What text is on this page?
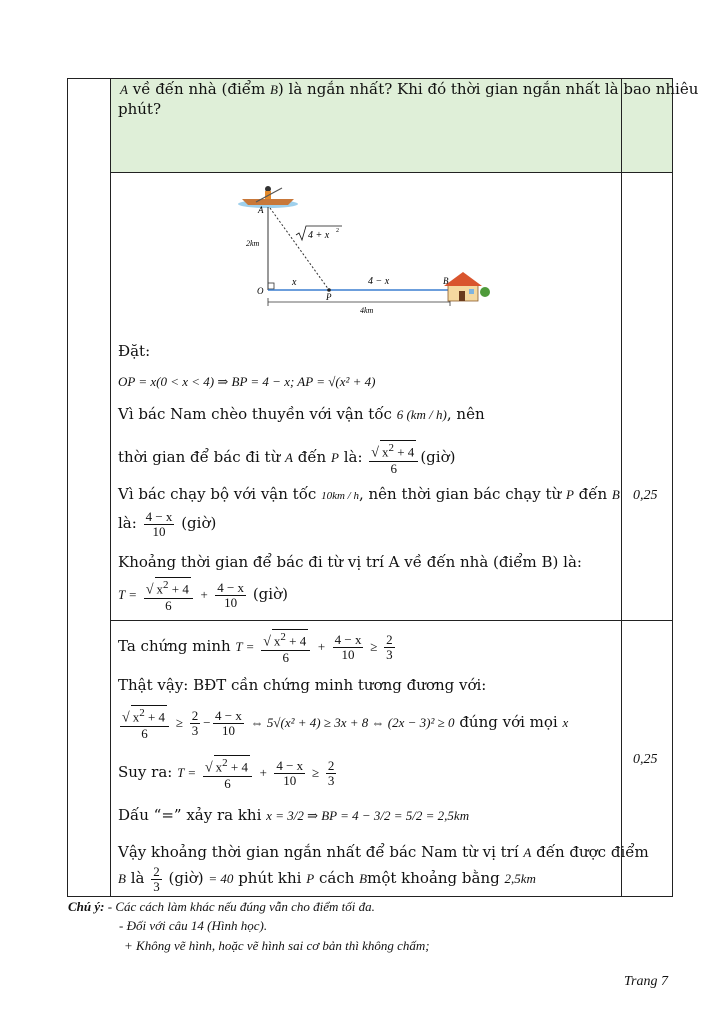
A về đến nhà (điểm B) là ngắn nhất? Khi đó thời gian ngắn nhất là bao nhiêu
phút?
A
2km
O
x
P
4 − x	B
4km
4 + x 2
Đặt:
OP = x(0 < x < 4) ⇒ BP = 4 − x; AP = √(x² + 4)
Vì bác Nam chèo thuyền với vận tốc 6 (km / h), nên
thời gian để bác đi từ A đến P là: $\frac{√ x^2 + 4}{6}$ (giờ)
Vì bác chạy bộ với vận tốc 10km / h, nên thời gian bác chạy từ P đến B
là: $\frac{4 - x}{10}$ (giờ)
Khoảng thời gian để bác đi từ vị trí A về đến nhà (điểm B) là:
$T = \frac{√ x^2 + 4}{6} + \frac{4 - x}{10}$ (giờ)
0,25
Ta chứng minh $T = \frac{√ x^2 + 4}{6} + \frac{4 - x}{10} \ge \frac{2}{3}$
Thật vậy: BĐT cần chứng minh tương đương với:
$\frac{√ x^2 + 4}{6} \ge \frac{2}{3} - \frac{4 - x}{10}$ ⇔ 5√(x² + 4) ≥ 3x + 8 ⇔ (2x − 3)² ≥ 0 đúng với mọi x
Suy ra: $T = \frac{√ x^2 + 4}{6} + \frac{4 - x}{10} \ge \frac{2}{3}$
Dấu “=” xảy ra khi x = 3/2 ⇒ BP = 4 − 3/2 = 5/2 = 2,5km
Vậy khoảng thời gian ngắn nhất để bác Nam từ vị trí A đến được điểm
B là $\frac{2}{3}$ (giờ) = 40 phút khi P cách Bmột khoảng bằng 2,5km
0,25
Chú ý: - Các cách làm khác nếu đúng vẫn cho điểm tối đa.
- Đối với câu 14 (Hình học).
+ Không vẽ hình, hoặc vẽ hình sai cơ bản thì không chấm;
Trang 7
